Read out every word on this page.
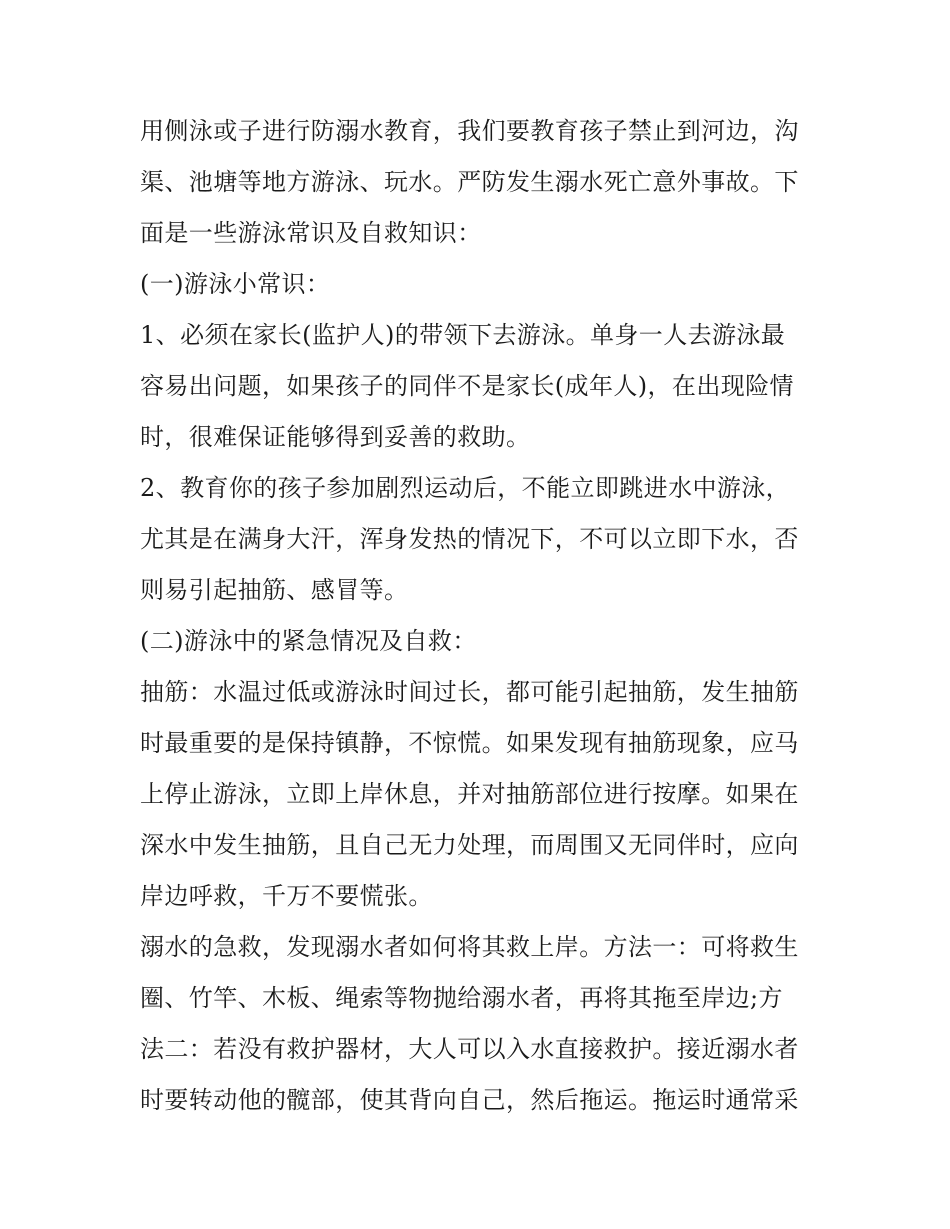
用侧泳或子进行防溺水教育，我们要教育孩子禁止到河边，沟
渠、池塘等地方游泳、玩水。严防发生溺水死亡意外事故。下
面是一些游泳常识及自救知识：
(一)游泳小常识：
1、必须在家长(监护人)的带领下去游泳。单身一人去游泳最
容易出问题，如果孩子的同伴不是家长(成年人)，在出现险情
时，很难保证能够得到妥善的救助。
2、教育你的孩子参加剧烈运动后，不能立即跳进水中游泳，
尤其是在满身大汗，浑身发热的情况下，不可以立即下水，否
则易引起抽筋、感冒等。
(二)游泳中的紧急情况及自救：
抽筋：水温过低或游泳时间过长，都可能引起抽筋，发生抽筋
时最重要的是保持镇静，不惊慌。如果发现有抽筋现象，应马
上停止游泳，立即上岸休息，并对抽筋部位进行按摩。如果在
深水中发生抽筋，且自己无力处理，而周围又无同伴时，应向
岸边呼救，千万不要慌张。
溺水的急救，发现溺水者如何将其救上岸。方法一：可将救生
圈、竹竿、木板、绳索等物抛给溺水者，再将其拖至岸边;方
法二：若没有救护器材，大人可以入水直接救护。接近溺水者
时要转动他的髋部，使其背向自己，然后拖运。拖运时通常采
